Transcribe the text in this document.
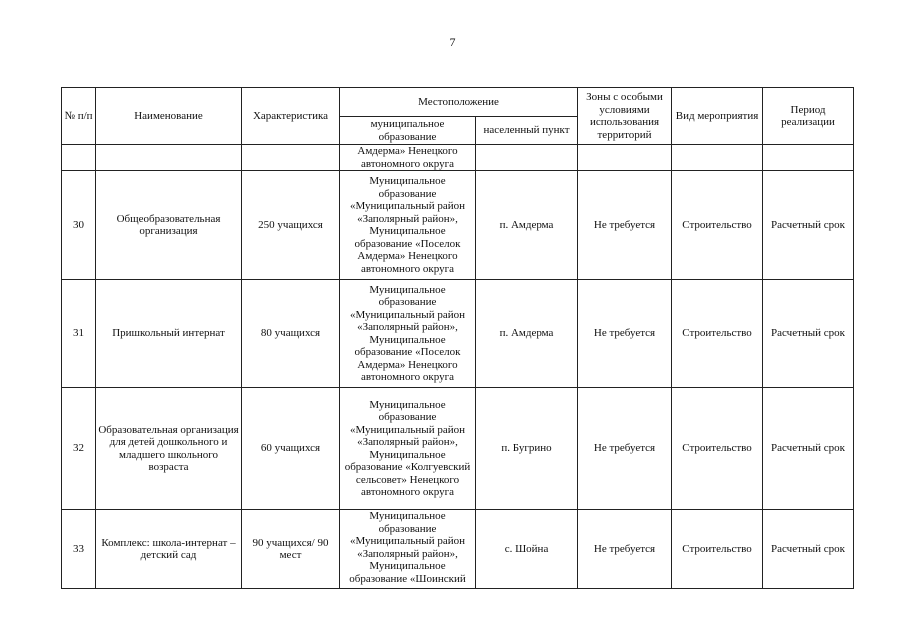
7
№ п/п	Наименование	Характеристика	Местоположение		Зоны с особыми условиями использования территорий	Вид мероприятия	Период реализации
			муниципальное образование	населенный пункт			
			Амдерма» Ненецкого автономного округа				
30	Общеобразовательная организация	250 учащихся	Муниципальное образование «Муниципальный район «Заполярный район», Муниципальное образование «Поселок Амдерма» Ненецкого автономного округа	п. Амдерма	Не требуется	Строительство	Расчетный срок
31	Пришкольный интернат	80 учащихся	Муниципальное образование «Муниципальный район «Заполярный район», Муниципальное образование «Поселок Амдерма» Ненецкого автономного округа	п. Амдерма	Не требуется	Строительство	Расчетный срок
32	Образовательная организация для детей дошкольного и младшего школьного возраста	60 учащихся	Муниципальное образование «Муниципальный район «Заполярный район», Муниципальное образование «Колгуевский сельсовет» Ненецкого автономного округа	п. Бугрино	Не требуется	Строительство	Расчетный срок
33	Комплекс: школа-интернат – детский сад	90 учащихся/ 90 мест	Муниципальное образование «Муниципальный район «Заполярный район», Муниципальное образование «Шоинский	с. Шойна	Не требуется	Строительство	Расчетный срок
